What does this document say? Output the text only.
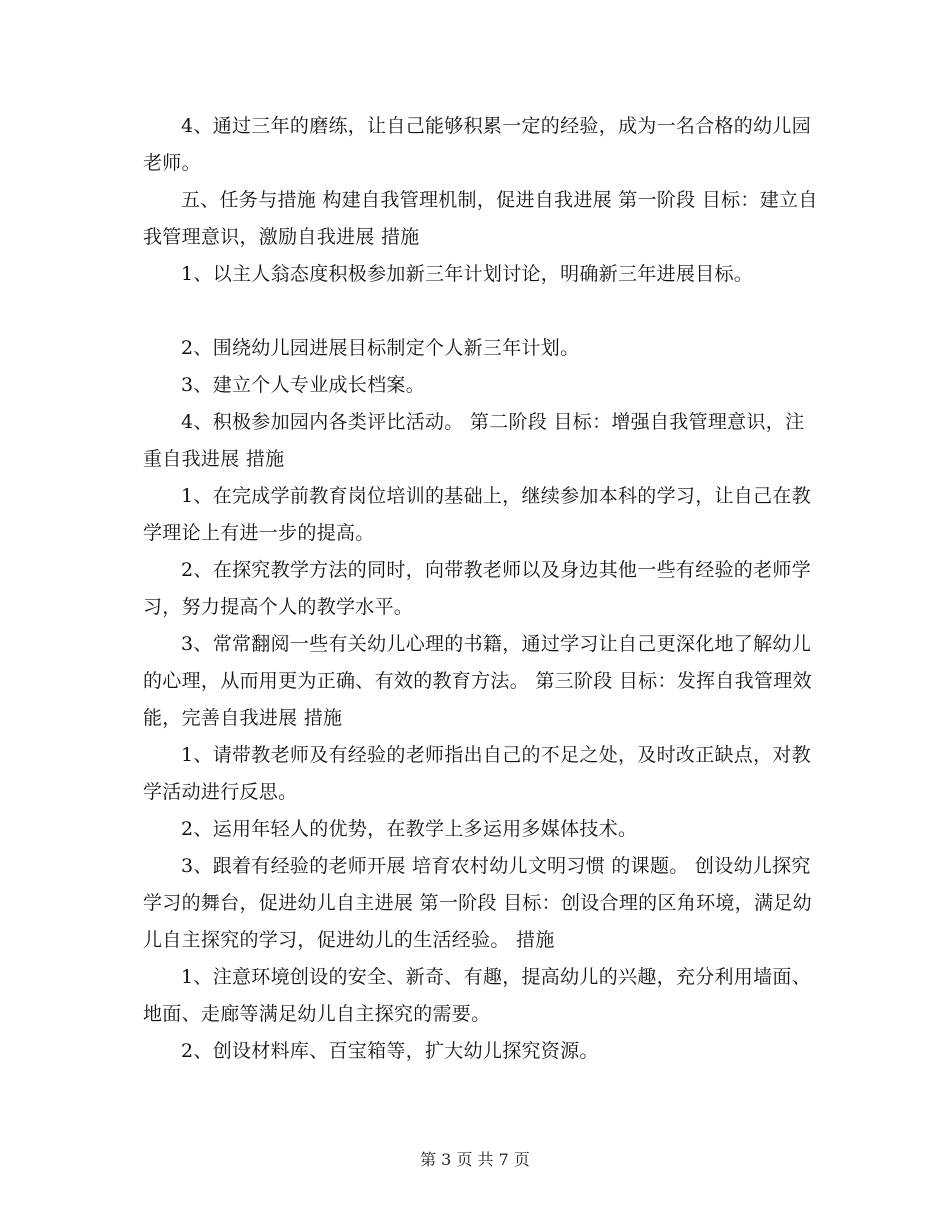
4、通过三年的磨练，让自己能够积累一定的经验，成为一名合格的幼儿园老师。

五、任务与措施 构建自我管理机制，促进自我进展 第一阶段 目标：建立自我管理意识，激励自我进展 措施

1、以主人翁态度积极参加新三年计划讨论，明确新三年进展目标。

2、围绕幼儿园进展目标制定个人新三年计划。

3、建立个人专业成长档案。

4、积极参加园内各类评比活动。 第二阶段 目标：增强自我管理意识，注重自我进展 措施

1、在完成学前教育岗位培训的基础上，继续参加本科的学习，让自己在教学理论上有进一步的提高。

2、在探究教学方法的同时，向带教老师以及身边其他一些有经验的老师学习，努力提高个人的教学水平。

3、常常翻阅一些有关幼儿心理的书籍，通过学习让自己更深化地了解幼儿的心理，从而用更为正确、有效的教育方法。 第三阶段 目标：发挥自我管理效能，完善自我进展 措施

1、请带教老师及有经验的老师指出自己的不足之处，及时改正缺点，对教学活动进行反思。

2、运用年轻人的优势，在教学上多运用多媒体技术。

3、跟着有经验的老师开展 培育农村幼儿文明习惯 的课题。 创设幼儿探究学习的舞台，促进幼儿自主进展 第一阶段 目标：创设合理的区角环境，满足幼儿自主探究的学习，促进幼儿的生活经验。 措施

1、注意环境创设的安全、新奇、有趣，提高幼儿的兴趣，充分利用墙面、地面、走廊等满足幼儿自主探究的需要。

2、创设材料库、百宝箱等，扩大幼儿探究资源。

第 3 页 共 7 页
